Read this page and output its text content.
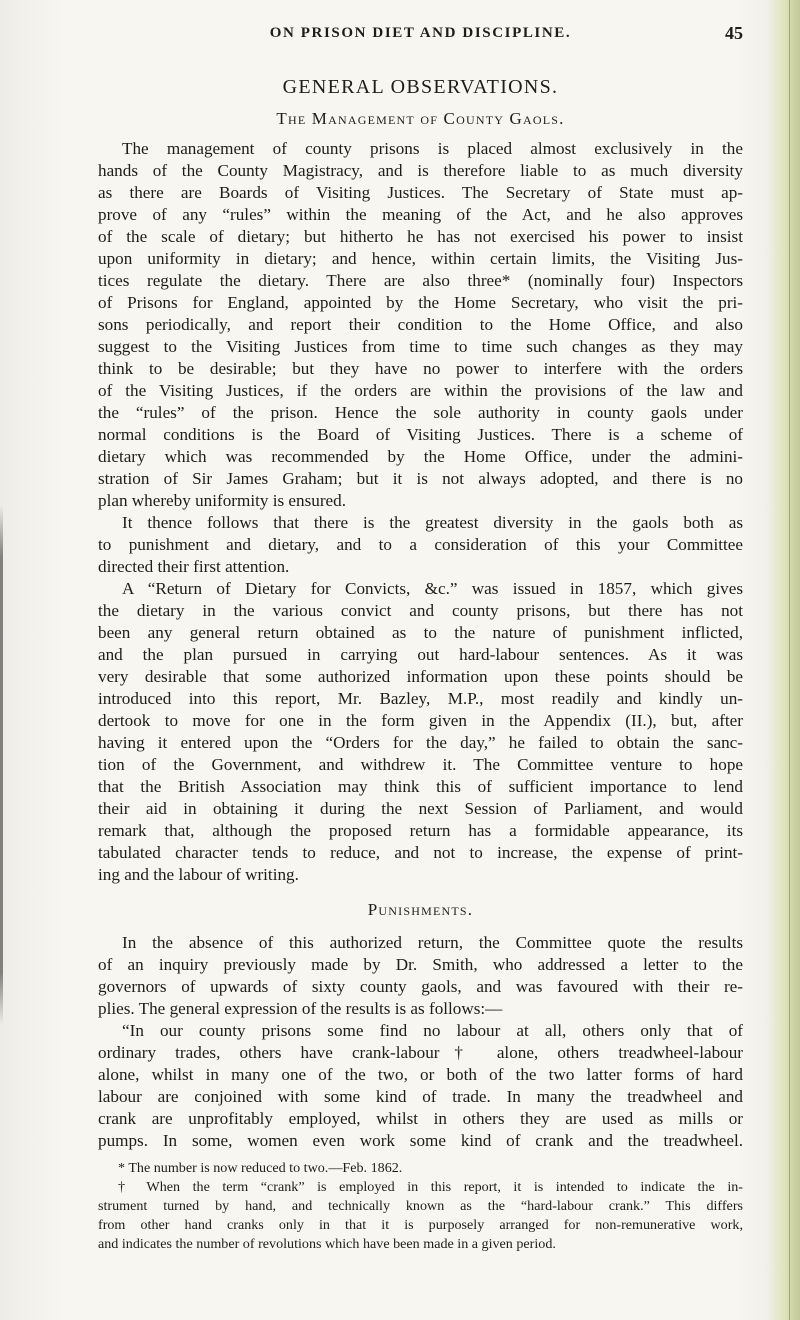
ON PRISON DIET AND DISCIPLINE.	45
GENERAL OBSERVATIONS.
The Management of County Gaols.
The management of county prisons is placed almost exclusively in the
hands of the County Magistracy, and is therefore liable to as much diversity
as there are Boards of Visiting Justices. The Secretary of State must ap-
prove of any “rules” within the meaning of the Act, and he also approves
of the scale of dietary; but hitherto he has not exercised his power to insist
upon uniformity in dietary; and hence, within certain limits, the Visiting Jus-
tices regulate the dietary. There are also three* (nominally four) Inspectors
of Prisons for England, appointed by the Home Secretary, who visit the pri-
sons periodically, and report their condition to the Home Office, and also
suggest to the Visiting Justices from time to time such changes as they may
think to be desirable; but they have no power to interfere with the orders
of the Visiting Justices, if the orders are within the provisions of the law and
the “rules” of the prison. Hence the sole authority in county gaols under
normal conditions is the Board of Visiting Justices. There is a scheme of
dietary which was recommended by the Home Office, under the admini-
stration of Sir James Graham; but it is not always adopted, and there is no
plan whereby uniformity is ensured.
It thence follows that there is the greatest diversity in the gaols both as
to punishment and dietary, and to a consideration of this your Committee
directed their first attention.
A “Return of Dietary for Convicts, &c.” was issued in 1857, which gives
the dietary in the various convict and county prisons, but there has not
been any general return obtained as to the nature of punishment inflicted,
and the plan pursued in carrying out hard-labour sentences. As it was
very desirable that some authorized information upon these points should be
introduced into this report, Mr. Bazley, M.P., most readily and kindly un-
dertook to move for one in the form given in the Appendix (II.), but, after
having it entered upon the “Orders for the day,” he failed to obtain the sanc-
tion of the Government, and withdrew it. The Committee venture to hope
that the British Association may think this of sufficient importance to lend
their aid in obtaining it during the next Session of Parliament, and would
remark that, although the proposed return has a formidable appearance, its
tabulated character tends to reduce, and not to increase, the expense of print-
ing and the labour of writing.
Punishments.
In the absence of this authorized return, the Committee quote the results
of an inquiry previously made by Dr. Smith, who addressed a letter to the
governors of upwards of sixty county gaols, and was favoured with their re-
plies. The general expression of the results is as follows:—
“In our county prisons some find no labour at all, others only that of
ordinary trades, others have crank-labour† alone, others treadwheel-labour
alone, whilst in many one of the two, or both of the two latter forms of hard
labour are conjoined with some kind of trade. In many the treadwheel and
crank are unprofitably employed, whilst in others they are used as mills or
pumps. In some, women even work some kind of crank and the treadwheel.
* The number is now reduced to two.—Feb. 1862.
† When the term “crank” is employed in this report, it is intended to indicate the in-
strument turned by hand, and technically known as the “hard-labour crank.” This differs
from other hand cranks only in that it is purposely arranged for non-remunerative work,
and indicates the number of revolutions which have been made in a given period.
